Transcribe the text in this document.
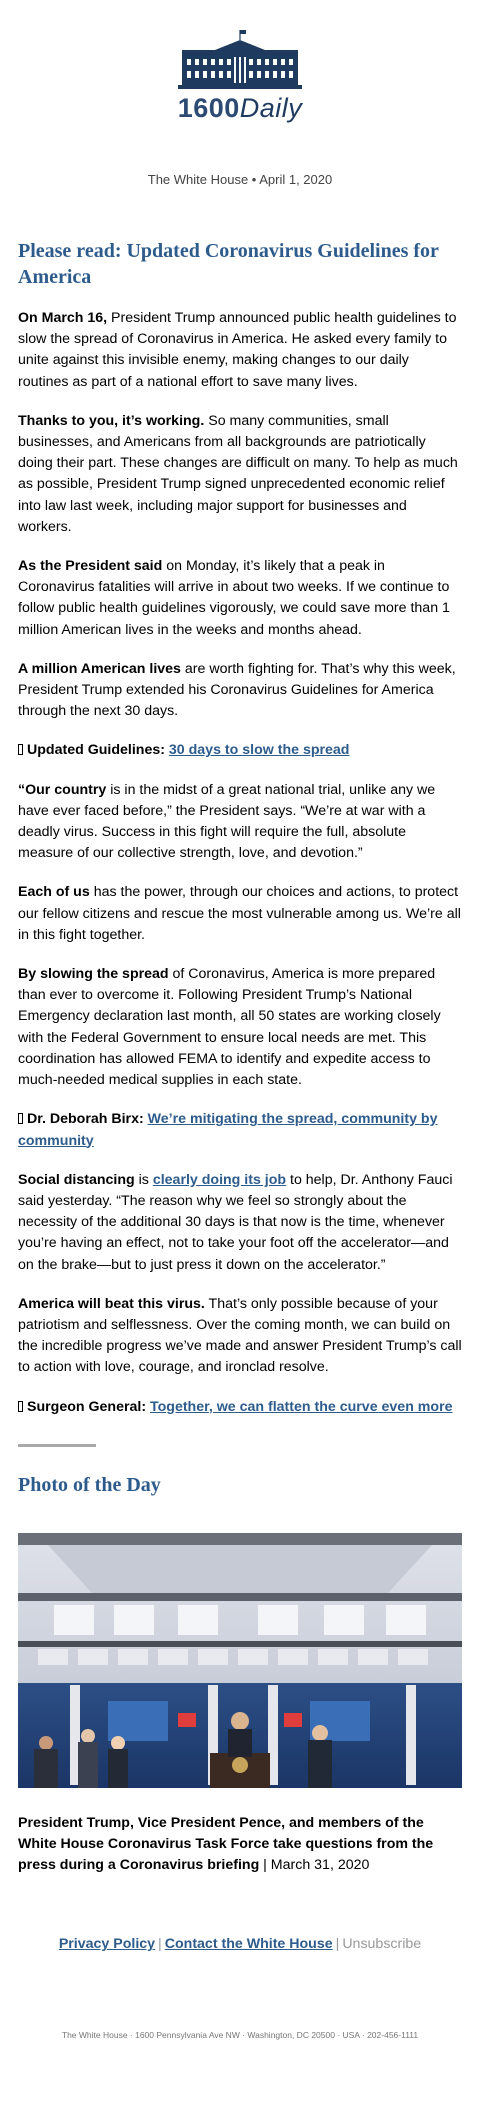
1600Daily
The White House • April 1, 2020
Please read: Updated Coronavirus Guidelines for America

On March 16, President Trump announced public health guidelines to slow the spread of Coronavirus in America. He asked every family to unite against this invisible enemy, making changes to our daily routines as part of a national effort to save many lives.

Thanks to you, it’s working. So many communities, small businesses, and Americans from all backgrounds are patriotically doing their part. These changes are difficult on many. To help as much as possible, President Trump signed unprecedented economic relief into law last week, including major support for businesses and workers.

As the President said on Monday, it’s likely that a peak in Coronavirus fatalities will arrive in about two weeks. If we continue to follow public health guidelines vigorously, we could save more than 1 million American lives in the weeks and months ahead.

A million American lives are worth fighting for. That’s why this week, President Trump extended his Coronavirus Guidelines for America through the next 30 days.

Updated Guidelines: 30 days to slow the spread

“Our country is in the midst of a great national trial, unlike any we have ever faced before,” the President says. “We’re at war with a deadly virus. Success in this fight will require the full, absolute measure of our collective strength, love, and devotion.”

Each of us has the power, through our choices and actions, to protect our fellow citizens and rescue the most vulnerable among us. We’re all in this fight together.

By slowing the spread of Coronavirus, America is more prepared than ever to overcome it. Following President Trump’s National Emergency declaration last month, all 50 states are working closely with the Federal Government to ensure local needs are met. This coordination has allowed FEMA to identify and expedite access to much-needed medical supplies in each state.

Dr. Deborah Birx: We’re mitigating the spread, community by community

Social distancing is clearly doing its job to help, Dr. Anthony Fauci said yesterday. “The reason why we feel so strongly about the necessity of the additional 30 days is that now is the time, whenever you’re having an effect, not to take your foot off the accelerator—and on the brake—but to just press it down on the accelerator.”

America will beat this virus. That’s only possible because of your patriotism and selflessness. Over the coming month, we can build on the incredible progress we’ve made and answer President Trump’s call to action with love, courage, and ironclad resolve.

Surgeon General: Together, we can flatten the curve even more

Photo of the Day

President Trump, Vice President Pence, and members of the White House Coronavirus Task Force take questions from the press during a Coronavirus briefing | March 31, 2020

Privacy Policy | Contact the White House | Unsubscribe
The White House · 1600 Pennsylvania Ave NW · Washington, DC 20500 · USA · 202-456-1111
